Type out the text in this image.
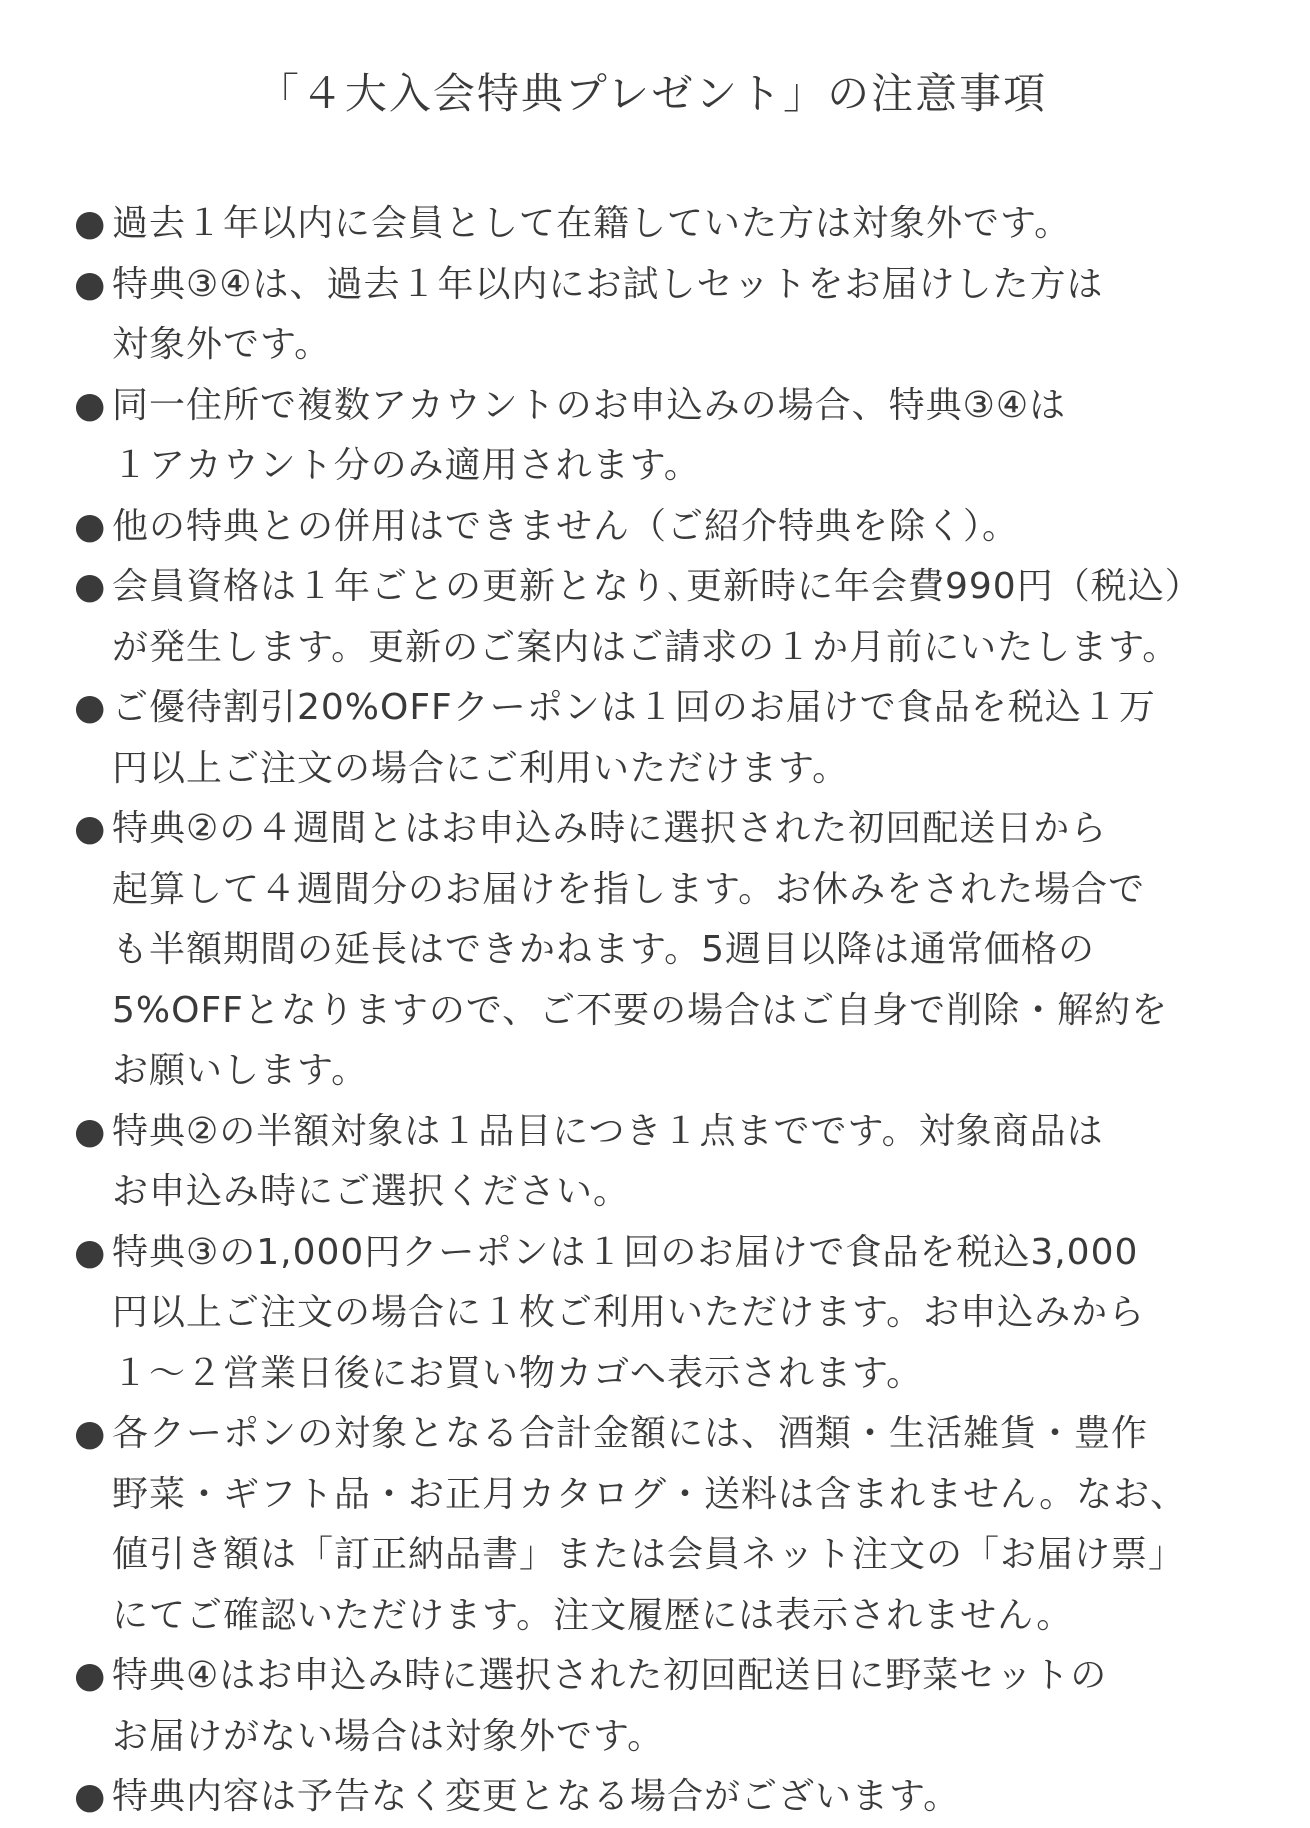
「４大入会特典プレゼント」の注意事項
● 過去１年以内に会員として在籍していた方は対象外です。
● 特典③④は、過去１年以内にお試しセットをお届けした方は
対象外です。
● 同一住所で複数アカウントのお申込みの場合、特典③④は
１アカウント分のみ適用されます。
● 他の特典との併用はできません（ご紹介特典を除く）。
● 会員資格は１年ごとの更新となり､更新時に年会費990円（税込）
が発生します。更新のご案内はご請求の１か月前にいたします。
● ご優待割引20%OFFクーポンは１回のお届けで食品を税込１万
円以上ご注文の場合にご利用いただけます。
● 特典②の４週間とはお申込み時に選択された初回配送日から
起算して４週間分のお届けを指します。お休みをされた場合で
も半額期間の延長はできかねます。5週目以降は通常価格の
5%OFFとなりますので、ご不要の場合はご自身で削除・解約を
お願いします。
● 特典②の半額対象は１品目につき１点までです。対象商品は
お申込み時にご選択ください。
● 特典③の1,000円クーポンは１回のお届けで食品を税込3,000
円以上ご注文の場合に１枚ご利用いただけます。お申込みから
１～２営業日後にお買い物カゴへ表示されます。
● 各クーポンの対象となる合計金額には、酒類・生活雑貨・豊作
野菜・ギフト品・お正月カタログ・送料は含まれません。なお、
値引き額は「訂正納品書」または会員ネット注文の「お届け票」
にてご確認いただけます。注文履歴には表示されません。
● 特典④はお申込み時に選択された初回配送日に野菜セットの
お届けがない場合は対象外です。
● 特典内容は予告なく変更となる場合がございます。
